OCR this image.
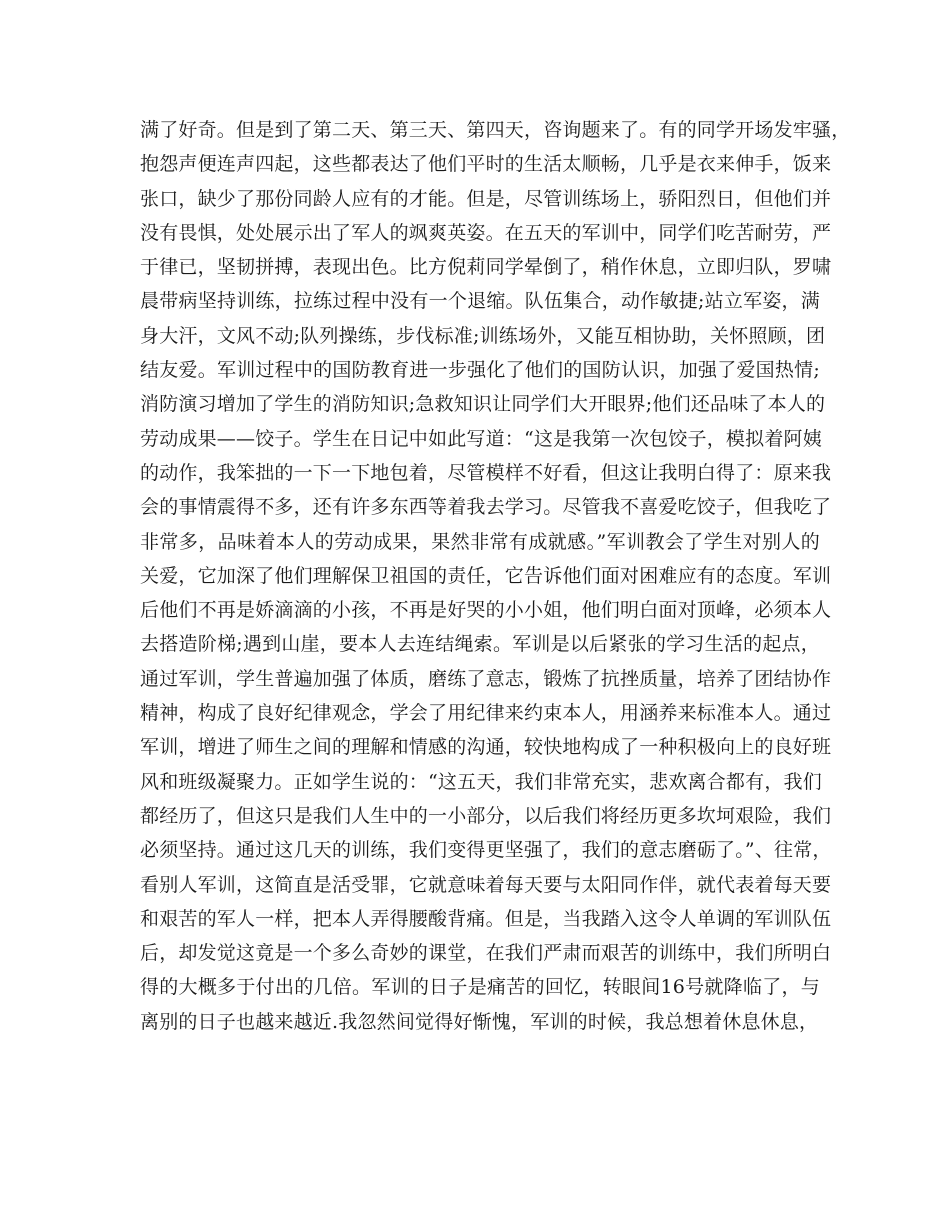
满了好奇。但是到了第二天、第三天、第四天，咨询题来了。有的同学开场发牢骚，
抱怨声便连声四起，这些都表达了他们平时的生活太顺畅，几乎是衣来伸手，饭来
张口，缺少了那份同龄人应有的才能。但是，尽管训练场上，骄阳烈日，但他们并
没有畏惧，处处展示出了军人的飒爽英姿。在五天的军训中，同学们吃苦耐劳，严
于律已，坚韧拼搏，表现出色。比方倪莉同学晕倒了，稍作休息，立即归队，罗啸
晨带病坚持训练，拉练过程中没有一个退缩。队伍集合，动作敏捷;站立军姿，满
身大汗，文风不动;队列操练，步伐标准;训练场外，又能互相协助，关怀照顾，团
结友爱。军训过程中的国防教育进一步强化了他们的国防认识，加强了爱国热情;
消防演习增加了学生的消防知识;急救知识让同学们大开眼界;他们还品味了本人的
劳动成果——饺子。学生在日记中如此写道：“这是我第一次包饺子，模拟着阿姨
的动作，我笨拙的一下一下地包着，尽管模样不好看，但这让我明白得了：原来我
会的事情震得不多，还有许多东西等着我去学习。尽管我不喜爱吃饺子，但我吃了
非常多，品味着本人的劳动成果，果然非常有成就感。”军训教会了学生对别人的
关爱，它加深了他们理解保卫祖国的责任，它告诉他们面对困难应有的态度。军训
后他们不再是娇滴滴的小孩，不再是好哭的小小姐，他们明白面对顶峰，必须本人
去搭造阶梯;遇到山崖，要本人去连结绳索。军训是以后紧张的学习生活的起点，
通过军训，学生普遍加强了体质，磨练了意志，锻炼了抗挫质量，培养了团结协作
精神，构成了良好纪律观念，学会了用纪律来约束本人，用涵养来标准本人。通过
军训，增进了师生之间的理解和情感的沟通，较快地构成了一种积极向上的良好班
风和班级凝聚力。正如学生说的：“这五天，我们非常充实，悲欢离合都有，我们
都经历了，但这只是我们人生中的一小部分，以后我们将经历更多坎坷艰险，我们
必须坚持。通过这几天的训练，我们变得更坚强了，我们的意志磨砺了。”、往常，
看别人军训，这简直是活受罪，它就意味着每天要与太阳同作伴，就代表着每天要
和艰苦的军人一样，把本人弄得腰酸背痛。但是，当我踏入这令人单调的军训队伍
后，却发觉这竟是一个多么奇妙的课堂，在我们严肃而艰苦的训练中，我们所明白
得的大概多于付出的几倍。军训的日子是痛苦的回忆，转眼间16号就降临了，与
离别的日子也越来越近.我忽然间觉得好惭愧，军训的时候，我总想着休息休息，
